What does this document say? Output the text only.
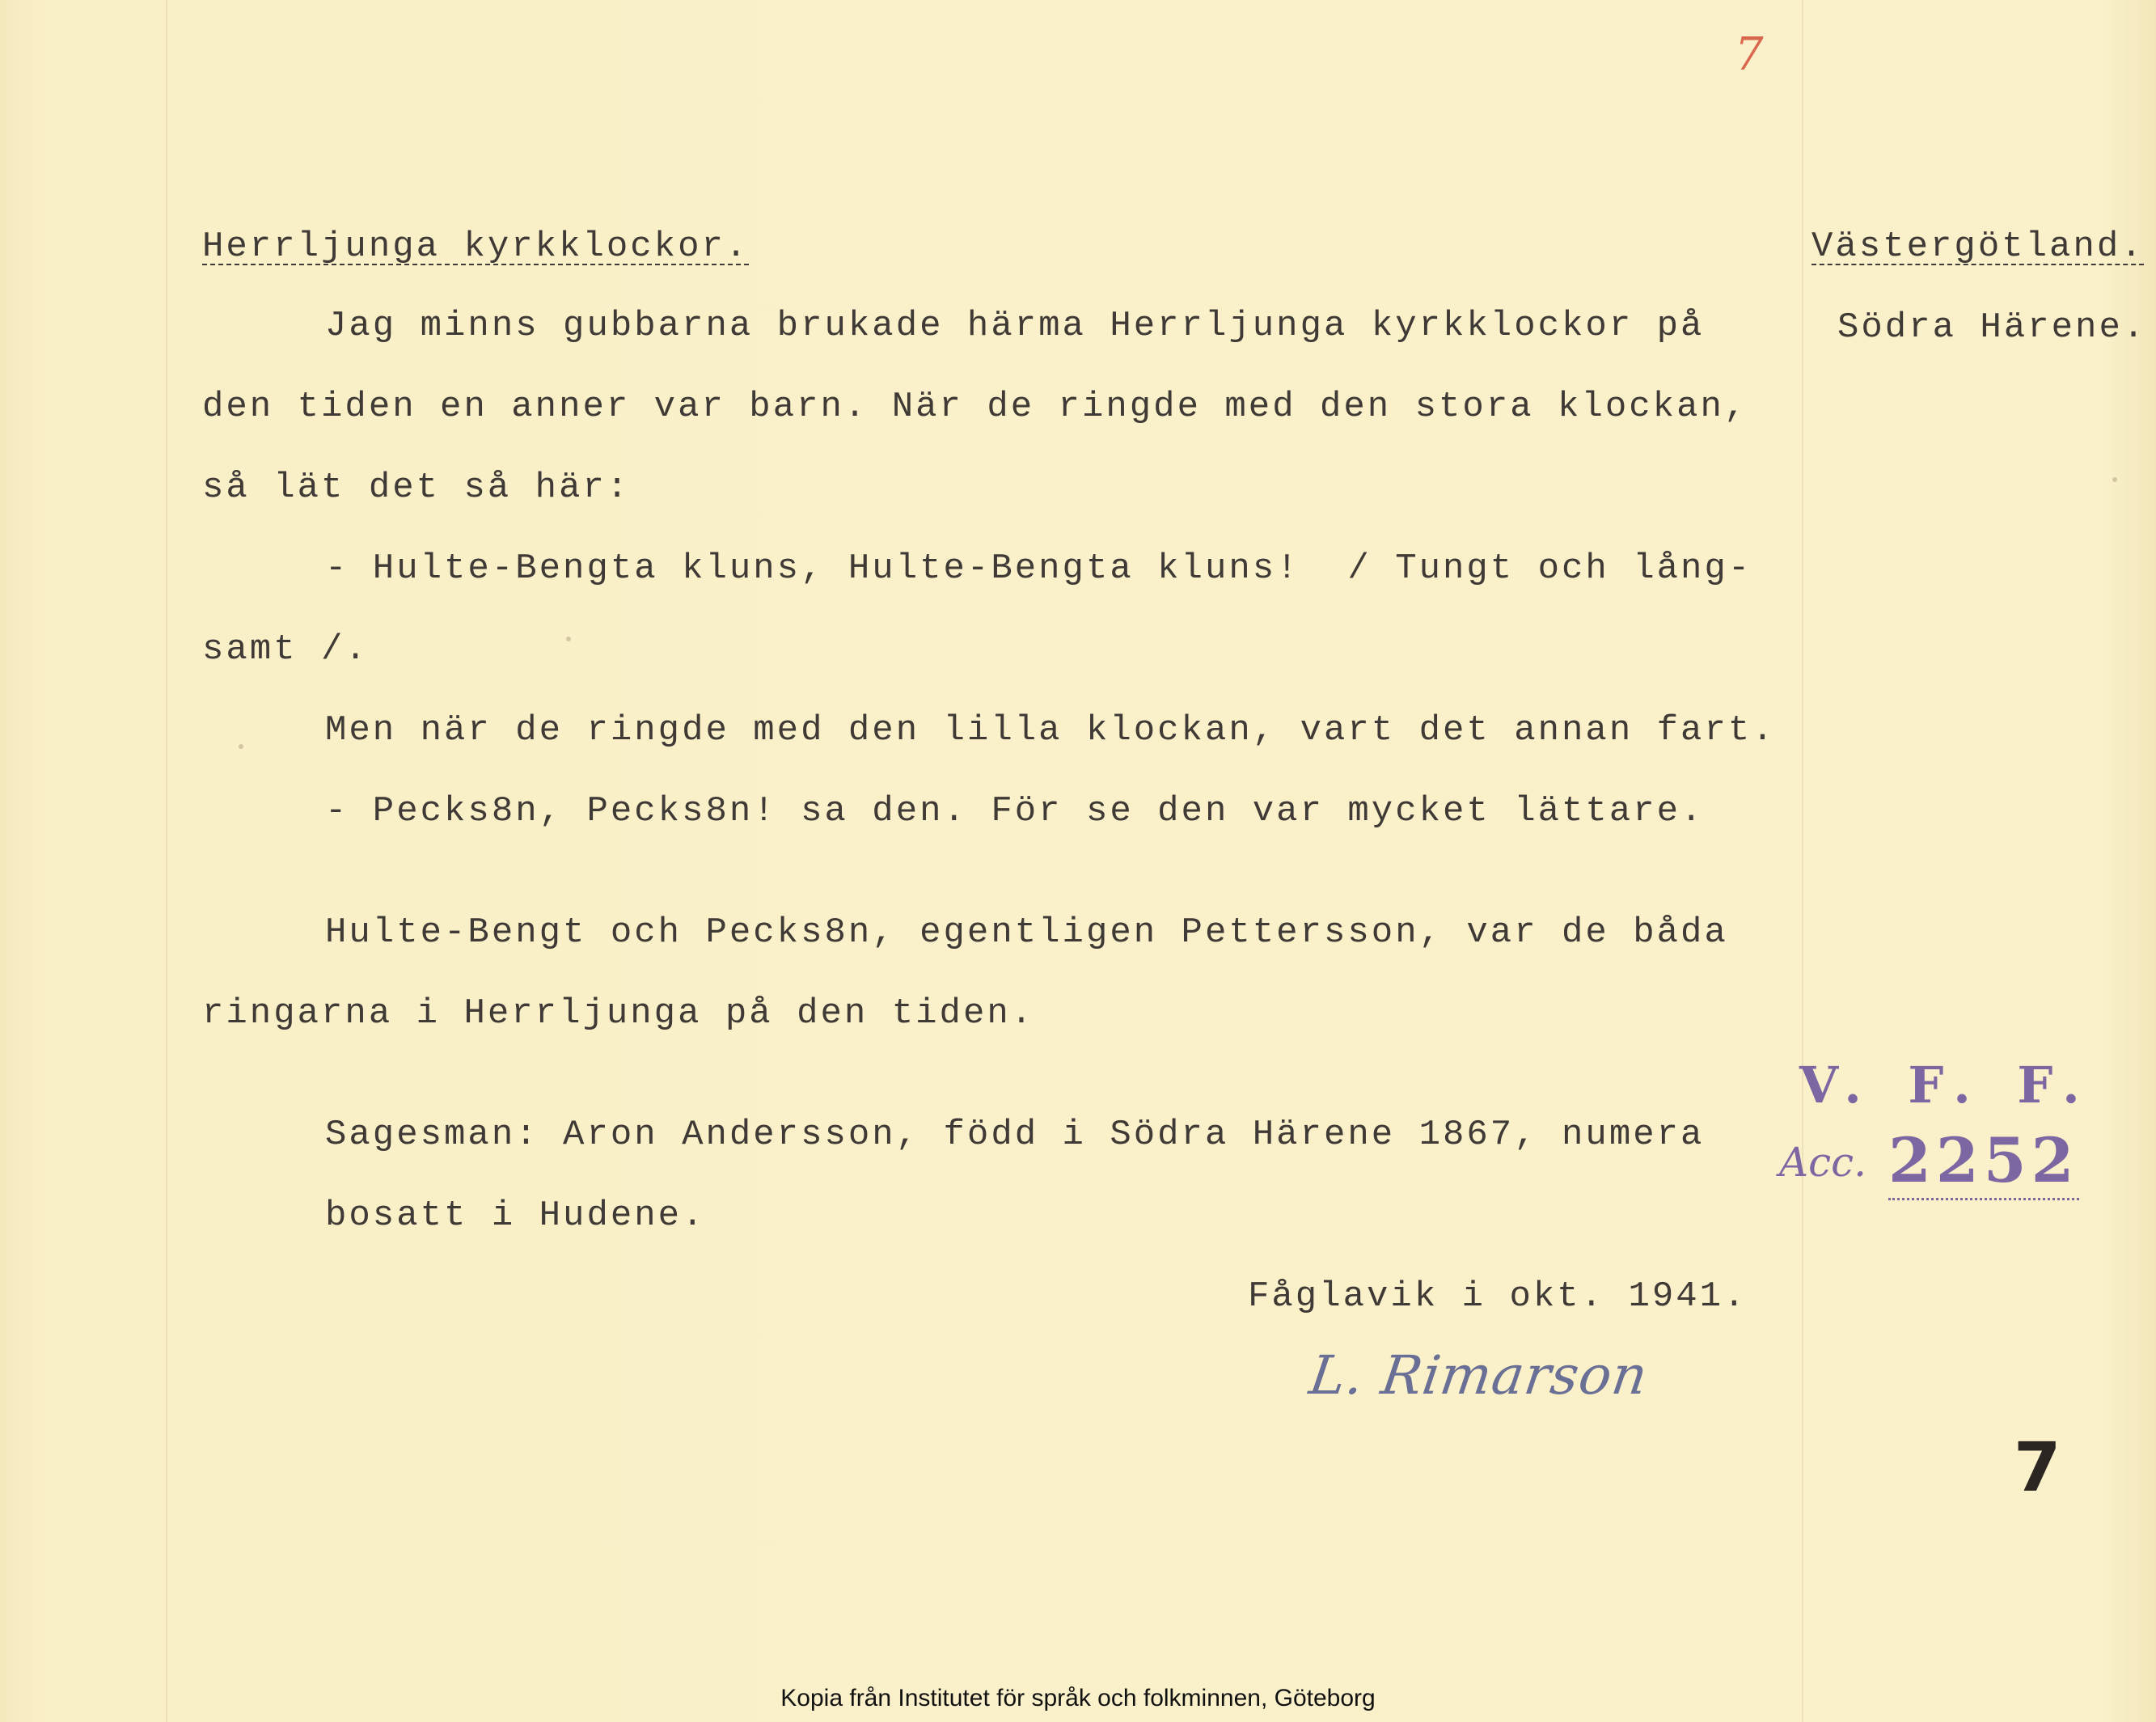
7
Herrljunga kyrkklockor.	Västergötland.
Södra Härene.
Jag minns gubbarna brukade härma Herrljunga kyrkklockor på
den tiden en anner var barn. När de ringde med den stora klockan,
så lät det så här:
- Hulte-Bengta kluns, Hulte-Bengta kluns!  / Tungt och lång-
samt /.
Men när de ringde med den lilla klockan, vart det annan fart.
- Pecks8n, Pecks8n! sa den. För se den var mycket lättare.
Hulte-Bengt och Pecks8n, egentligen Pettersson, var de båda
ringarna i Herrljunga på den tiden.
Sagesman: Aron Andersson, född i Södra Härene 1867, numera
bosatt i Hudene.
Fåglavik i okt. 1941.
L. Rimarson
V. F. F.
Acc. 2252
7
Kopia från Institutet för språk och folkminnen, Göteborg
